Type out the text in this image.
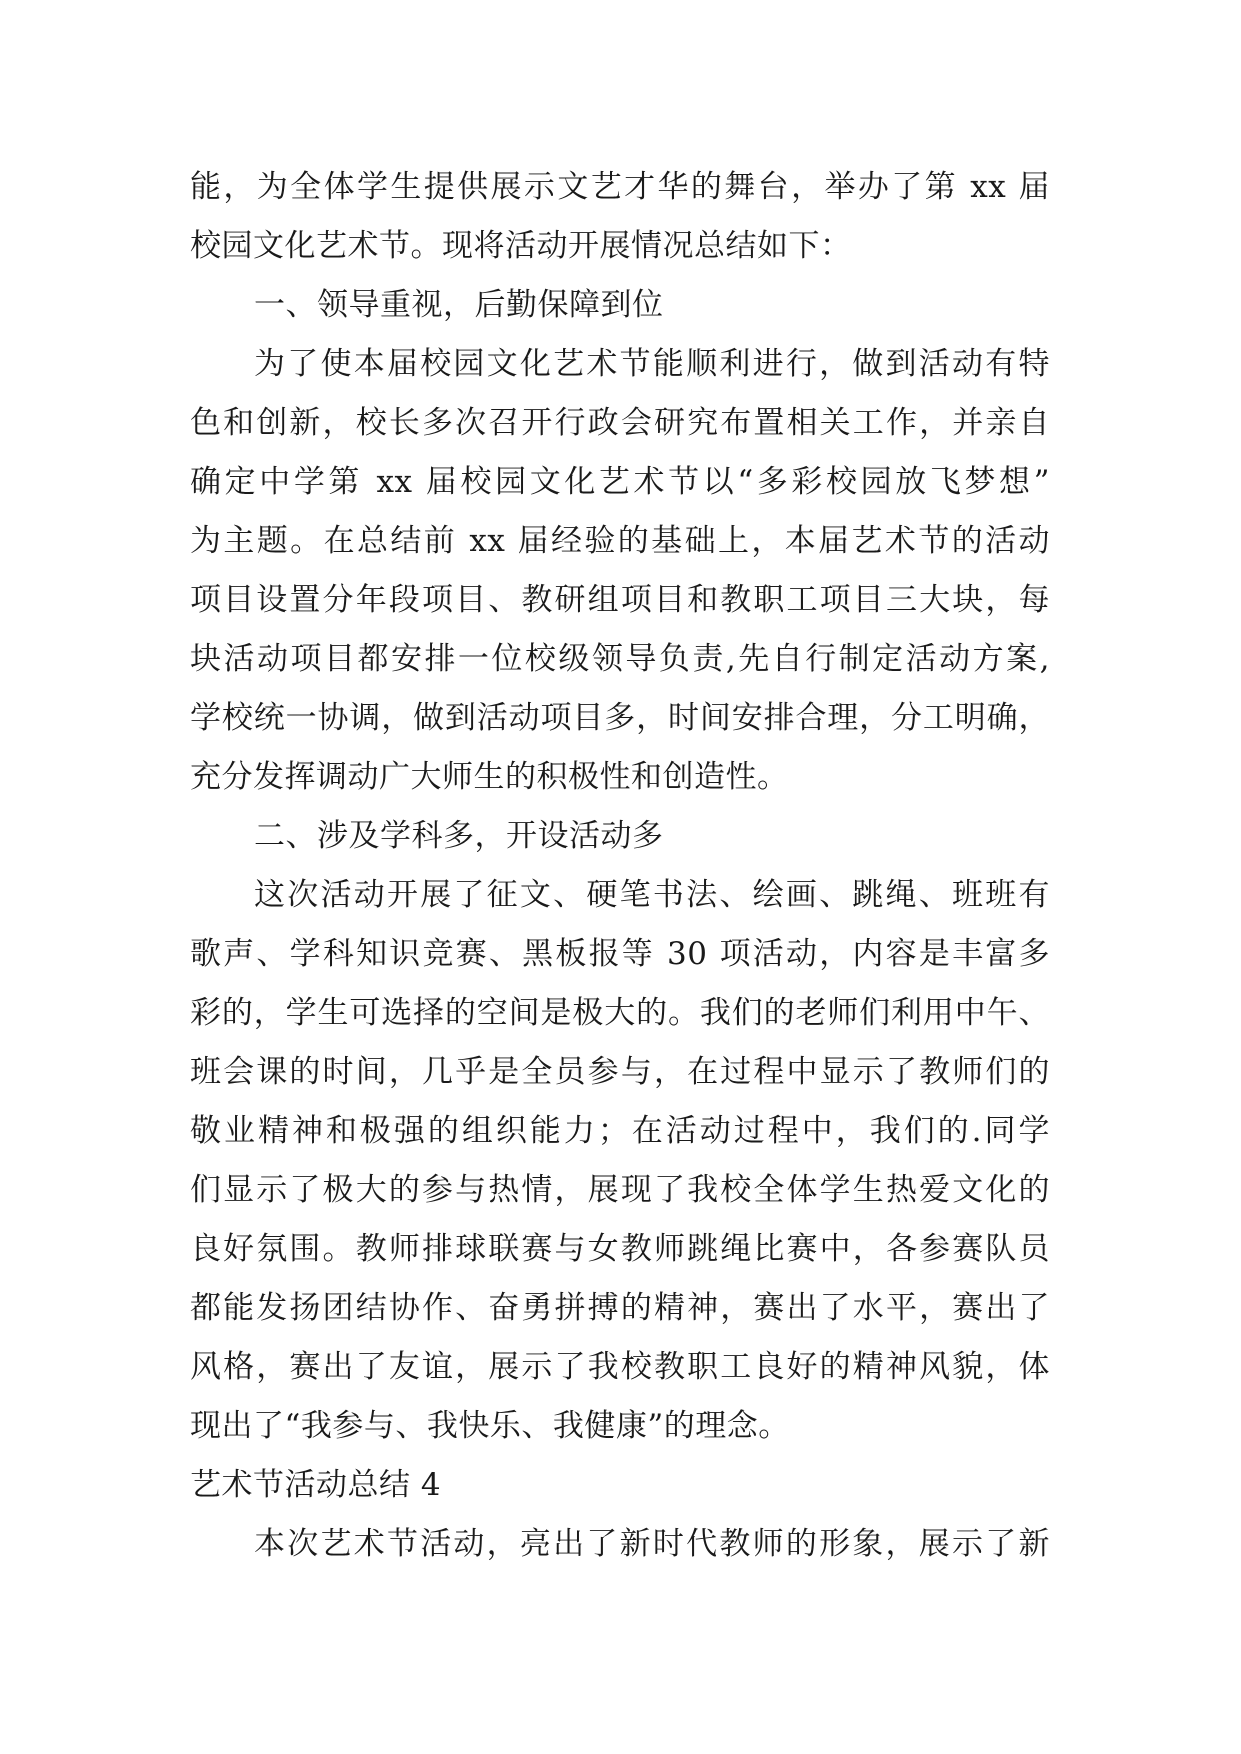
能，为全体学生提供展示文艺才华的舞台，举办了第 xx 届
校园文化艺术节。现将活动开展情况总结如下：
一、领导重视，后勤保障到位
为了使本届校园文化艺术节能顺利进行，做到活动有特
色和创新，校长多次召开行政会研究布置相关工作，并亲自
确定中学第 xx 届校园文化艺术节以“多彩校园放飞梦想”
为主题。在总结前 xx 届经验的基础上，本届艺术节的活动
项目设置分年段项目、教研组项目和教职工项目三大块，每
块活动项目都安排一位校级领导负责,先自行制定活动方案,
学校统一协调，做到活动项目多，时间安排合理，分工明确，
充分发挥调动广大师生的积极性和创造性。
二、涉及学科多，开设活动多
这次活动开展了征文、硬笔书法、绘画、跳绳、班班有
歌声、学科知识竞赛、黑板报等 30 项活动，内容是丰富多
彩的，学生可选择的空间是极大的。我们的老师们利用中午、
班会课的时间，几乎是全员参与，在过程中显示了教师们的
敬业精神和极强的组织能力；在活动过程中，我们的.同学
们显示了极大的参与热情，展现了我校全体学生热爱文化的
良好氛围。教师排球联赛与女教师跳绳比赛中，各参赛队员
都能发扬团结协作、奋勇拼搏的精神，赛出了水平，赛出了
风格，赛出了友谊，展示了我校教职工良好的精神风貌，体
现出了“我参与、我快乐、我健康”的理念。
艺术节活动总结 4
本次艺术节活动，亮出了新时代教师的形象，展示了新
